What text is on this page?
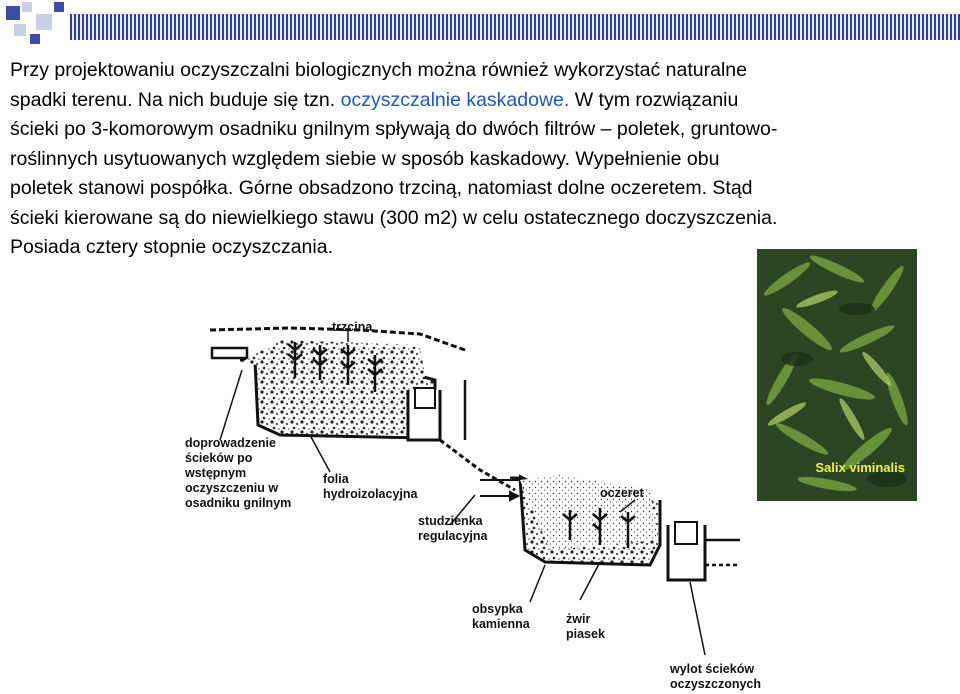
Przy projektowaniu oczyszczalni biologicznych można również wykorzystać naturalne
spadki terenu. Na nich buduje się tzn. oczyszczalnie kaskadowe. W tym rozwiązaniu
ścieki po 3-komorowym osadniku gnilnym spływają do dwóch filtrów – poletek, gruntowo-
roślinnych usytuowanych względem siebie w sposób kaskadowy. Wypełnienie obu
poletek stanowi pospółka. Górne obsadzono trzciną, natomiast dolne oczeretem. Stąd
ścieki kierowane są do niewielkiego stawu (300 m2) w celu ostatecznego doczyszczenia.
Posiada cztery stopnie oczyszczania.
trzcina
doprowadzenie
ścieków po
wstępnym
oczyszczeniu w
osadniku gnilnym
folia
hydroizolacyjna
studzienka
regulacyjna
oczeret
obsypka
kamienna	żwir
piasek
wylot ścieków
oczyszczonych
Salix viminalis
